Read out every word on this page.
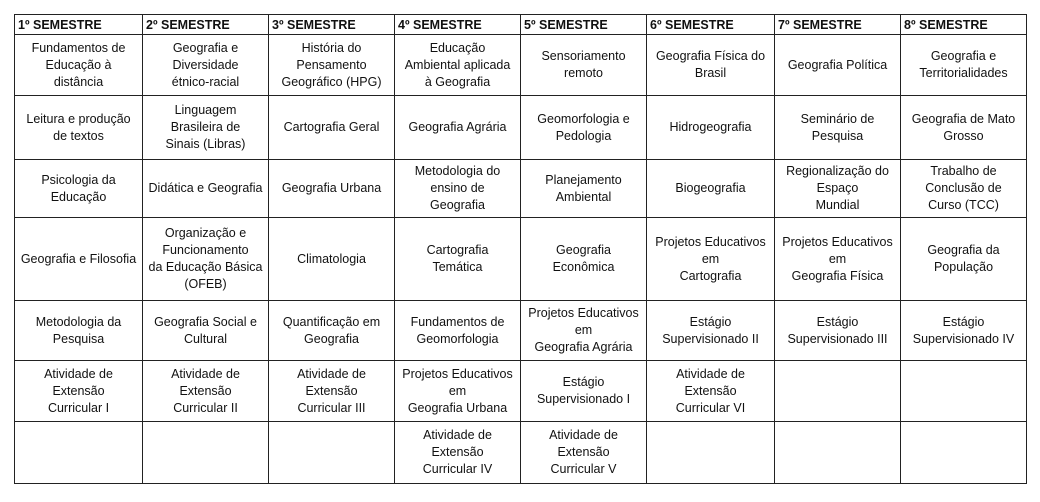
1º SEMESTRE	2º SEMESTRE	3º SEMESTRE	4º SEMESTRE	5º SEMESTRE	6º SEMESTRE	7º SEMESTRE	8º SEMESTRE

Fundamentos de
Educação à
distância	Geografia e
Diversidade
étnico-racial	História do
Pensamento
Geográfico (HPG)	Educação
Ambiental aplicada
à Geografia	Sensoriamento
remoto	Geografia Física do
Brasil	Geografia Política	Geografia e
Territorialidades

Leitura e produção
de textos	Linguagem
Brasileira de
Sinais (Libras)	Cartografia Geral	Geografia Agrária	Geomorfologia e
Pedologia	Hidrogeografia	Seminário de
Pesquisa	Geografia de Mato
Grosso

Psicologia da
Educação	Didática e Geografia	Geografia Urbana	Metodologia do
ensino de
Geografia	Planejamento
Ambiental	Biogeografia	Regionalização do
Espaço
Mundial	Trabalho de
Conclusão de
Curso (TCC)

Geografia e Filosofia	Organização e
Funcionamento
da Educação Básica
(OFEB)	Climatologia	Cartografia
Temática	Geografia
Econômica	Projetos Educativos
em
Cartografia	Projetos Educativos
em
Geografia Física	Geografia da
População

Metodologia da
Pesquisa	Geografia Social e
Cultural	Quantificação em
Geografia	Fundamentos de
Geomorfologia	Projetos Educativos
em
Geografia Agrária	Estágio
Supervisionado II	Estágio
Supervisionado III	Estágio
Supervisionado IV

Atividade de
Extensão
Curricular I	Atividade de
Extensão
Curricular II	Atividade de
Extensão
Curricular III	Projetos Educativos
em
Geografia Urbana	Estágio
Supervisionado I	Atividade de
Extensão
Curricular VI		

			Atividade de
Extensão
Curricular IV	Atividade de
Extensão
Curricular V			
